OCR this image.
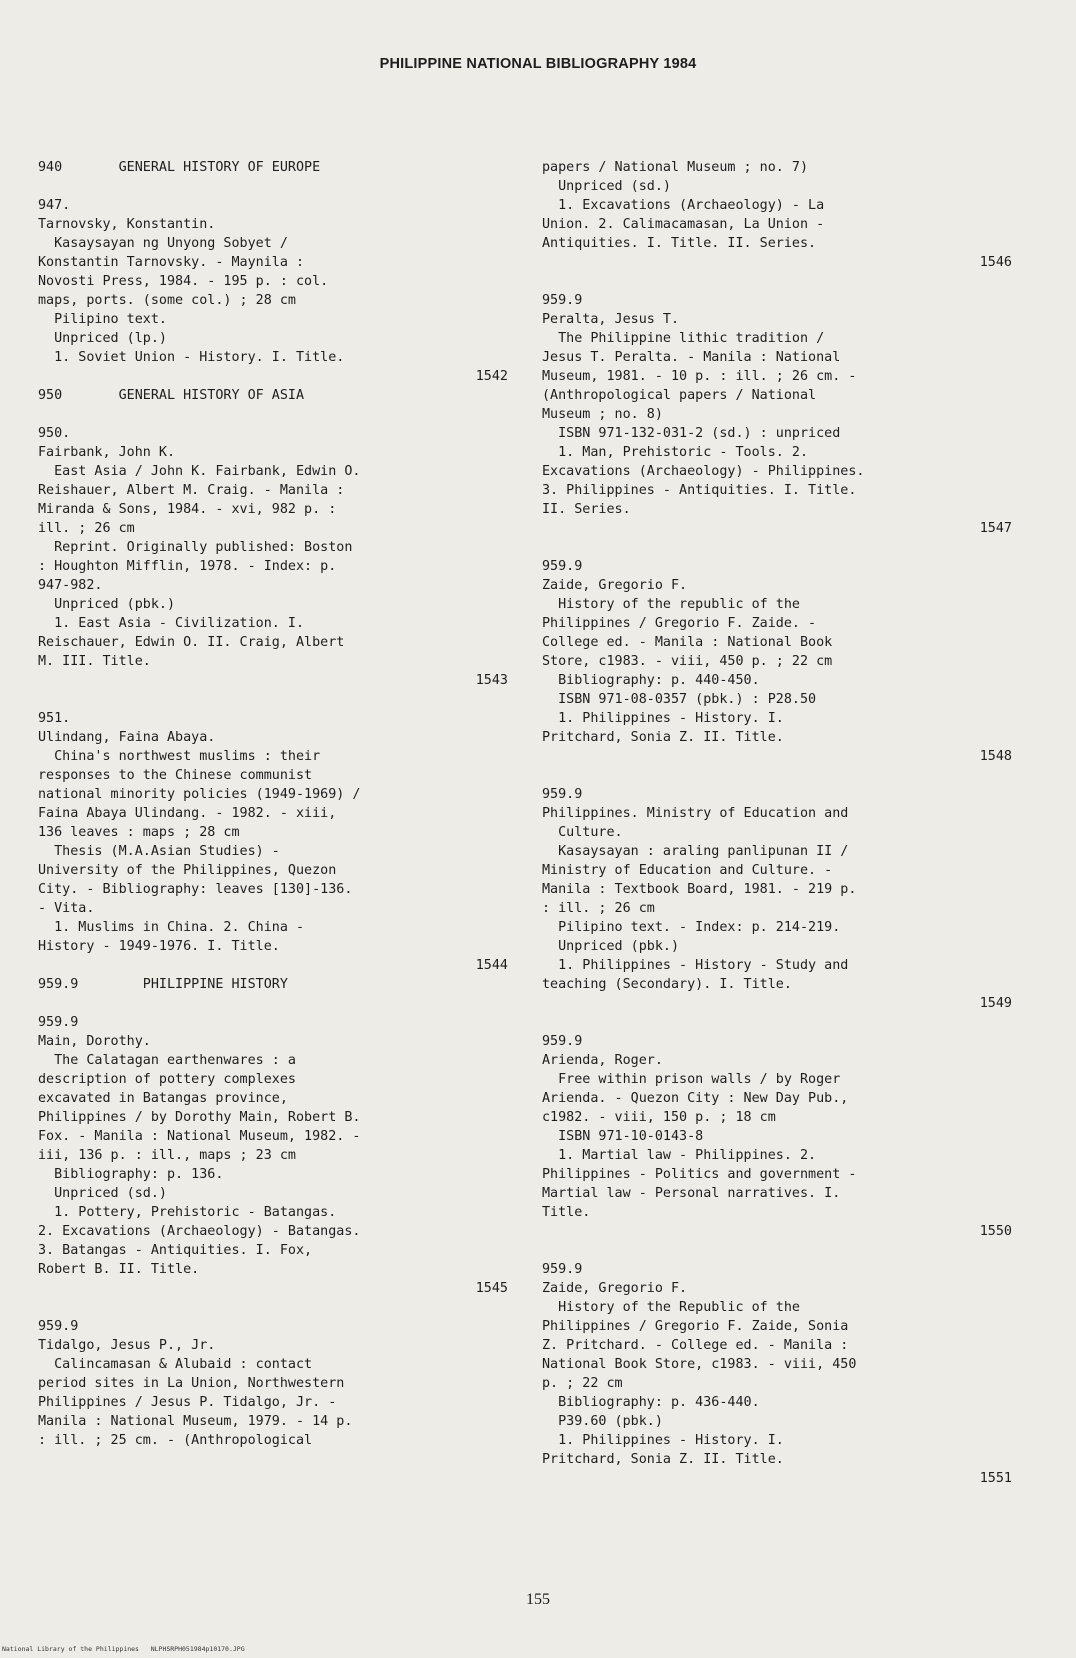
PHILIPPINE NATIONAL BIBLIOGRAPHY 1984
940       GENERAL HISTORY OF EUROPE
947.
Tarnovsky, Konstantin.
Kasaysayan ng Unyong Sobyet /
Konstantin Tarnovsky. - Maynila :
Novosti Press, 1984. - 195 p. : col.
maps, ports. (some col.) ; 28 cm
Pilipino text.
Unpriced (lp.)
1. Soviet Union - History. I. Title.
1542
950       GENERAL HISTORY OF ASIA
950.
Fairbank, John K.
East Asia / John K. Fairbank, Edwin O.
Reishauer, Albert M. Craig. - Manila :
Miranda & Sons, 1984. - xvi, 982 p. :
ill. ; 26 cm
Reprint. Originally published: Boston
: Houghton Mifflin, 1978. - Index: p.
947-982.
Unpriced (pbk.)
1. East Asia - Civilization. I.
Reischauer, Edwin O. II. Craig, Albert
M. III. Title.
1543
951.
Ulindang, Faina Abaya.
China's northwest muslims : their
responses to the Chinese communist
national minority policies (1949-1969) /
Faina Abaya Ulindang. - 1982. - xiii,
136 leaves : maps ; 28 cm
Thesis (M.A.Asian Studies) -
University of the Philippines, Quezon
City. - Bibliography: leaves [130]-136.
- Vita.
1. Muslims in China. 2. China -
History - 1949-1976. I. Title.
1544
959.9        PHILIPPINE HISTORY
959.9
Main, Dorothy.
The Calatagan earthenwares : a
description of pottery complexes
excavated in Batangas province,
Philippines / by Dorothy Main, Robert B.
Fox. - Manila : National Museum, 1982. -
iii, 136 p. : ill., maps ; 23 cm
Bibliography: p. 136.
Unpriced (sd.)
1. Pottery, Prehistoric - Batangas.
2. Excavations (Archaeology) - Batangas.
3. Batangas - Antiquities. I. Fox,
Robert B. II. Title.
1545
959.9
Tidalgo, Jesus P., Jr.
Calincamasan & Alubaid : contact
period sites in La Union, Northwestern
Philippines / Jesus P. Tidalgo, Jr. -
Manila : National Museum, 1979. - 14 p.
: ill. ; 25 cm. - (Anthropological
papers / National Museum ; no. 7)
Unpriced (sd.)
1. Excavations (Archaeology) - La
Union. 2. Calimacamasan, La Union -
Antiquities. I. Title. II. Series.
1546
959.9
Peralta, Jesus T.
The Philippine lithic tradition /
Jesus T. Peralta. - Manila : National
Museum, 1981. - 10 p. : ill. ; 26 cm. -
(Anthropological papers / National
Museum ; no. 8)
ISBN 971-132-031-2 (sd.) : unpriced
1. Man, Prehistoric - Tools. 2.
Excavations (Archaeology) - Philippines.
3. Philippines - Antiquities. I. Title.
II. Series.
1547
959.9
Zaide, Gregorio F.
History of the republic of the
Philippines / Gregorio F. Zaide. -
College ed. - Manila : National Book
Store, c1983. - viii, 450 p. ; 22 cm
Bibliography: p. 440-450.
ISBN 971-08-0357 (pbk.) : P28.50
1. Philippines - History. I.
Pritchard, Sonia Z. II. Title.
1548
959.9
Philippines. Ministry of Education and
Culture.
Kasaysayan : araling panlipunan II /
Ministry of Education and Culture. -
Manila : Textbook Board, 1981. - 219 p.
: ill. ; 26 cm
Pilipino text. - Index: p. 214-219.
Unpriced (pbk.)
1. Philippines - History - Study and
teaching (Secondary). I. Title.
1549
959.9
Arienda, Roger.
Free within prison walls / by Roger
Arienda. - Quezon City : New Day Pub.,
c1982. - viii, 150 p. ; 18 cm
ISBN 971-10-0143-8
1. Martial law - Philippines. 2.
Philippines - Politics and government -
Martial law - Personal narratives. I.
Title.
1550
959.9
Zaide, Gregorio F.
History of the Republic of the
Philippines / Gregorio F. Zaide, Sonia
Z. Pritchard. - College ed. - Manila :
National Book Store, c1983. - viii, 450
p. ; 22 cm
Bibliography: p. 436-440.
P39.60 (pbk.)
1. Philippines - History. I.
Pritchard, Sonia Z. II. Title.
1551
155
National Library of the Philippines   NLPHSRPH051984p10170.JPG
